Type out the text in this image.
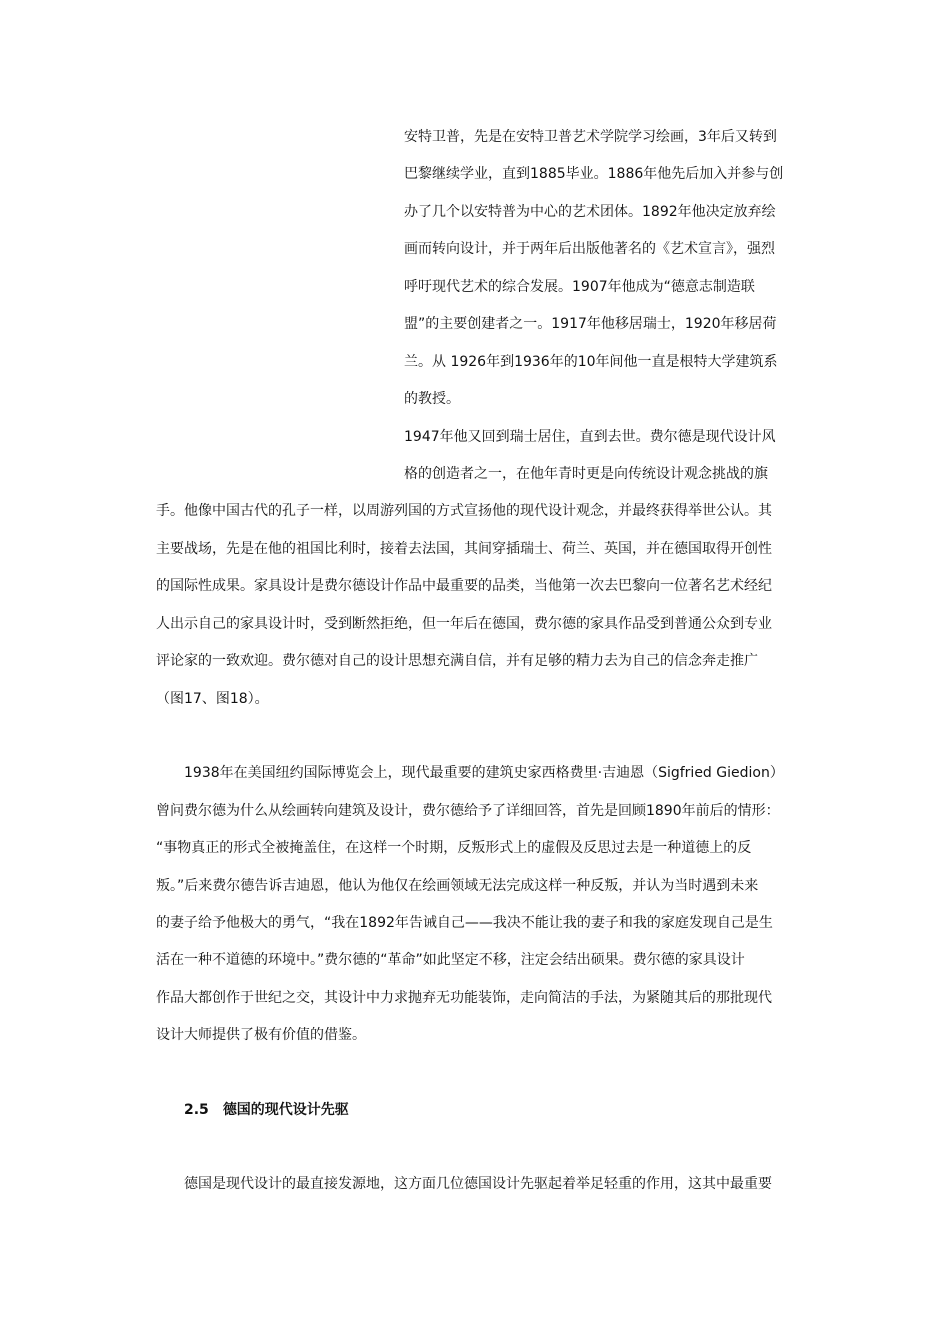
安特卫普，先是在安特卫普艺术学院学习绘画，3年后又转到
巴黎继续学业，直到1885毕业。1886年他先后加入并参与创
办了几个以安特普为中心的艺术团体。1892年他决定放弃绘
画而转向设计，并于两年后出版他著名的《艺术宣言》，强烈
呼吁现代艺术的综合发展。1907年他成为“德意志制造联
盟”的主要创建者之一。1917年他移居瑞士，1920年移居荷
兰。从 1926年到1936年的10年间他一直是根特大学建筑系
的教授。
1947年他又回到瑞士居住，直到去世。费尔德是现代设计风
格的创造者之一，在他年青时更是向传统设计观念挑战的旗
手。他像中国古代的孔子一样，以周游列国的方式宣扬他的现代设计观念，并最终获得举世公认。其
主要战场，先是在他的祖国比利时，接着去法国，其间穿插瑞士、荷兰、英国，并在德国取得开创性
的国际性成果。家具设计是费尔德设计作品中最重要的品类，当他第一次去巴黎向一位著名艺术经纪
人出示自己的家具设计时，受到断然拒绝，但一年后在德国，费尔德的家具作品受到普通公众到专业
评论家的一致欢迎。费尔德对自己的设计思想充满自信，并有足够的精力去为自己的信念奔走推广
（图17、图18）。
1938年在美国纽约国际博览会上，现代最重要的建筑史家西格费里·吉迪恩（Sigfried Giedion）
曾问费尔德为什么从绘画转向建筑及设计，费尔德给予了详细回答，首先是回顾1890年前后的情形：
“事物真正的形式全被掩盖住，在这样一个时期，反叛形式上的虚假及反思过去是一种道德上的反
叛。”后来费尔德告诉吉迪恩，他认为他仅在绘画领域无法完成这样一种反叛，并认为当时遇到未来
的妻子给予他极大的勇气，“我在1892年告诫自己——我决不能让我的妻子和我的家庭发现自己是生
活在一种不道德的环境中。”费尔德的“革命”如此坚定不移，注定会结出硕果。费尔德的家具设计
作品大都创作于世纪之交，其设计中力求抛弃无功能装饰，走向简洁的手法，为紧随其后的那批现代
设计大师提供了极有价值的借鉴。
2.5 德国的现代设计先驱
德国是现代设计的最直接发源地，这方面几位德国设计先驱起着举足轻重的作用，这其中最重要
